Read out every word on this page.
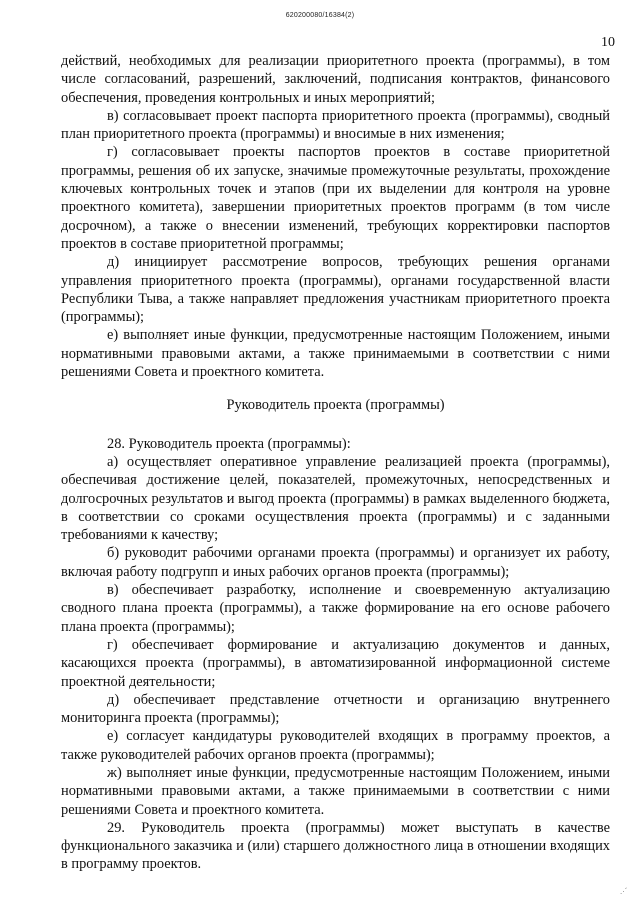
620200080/16384(2)
10

действий, необходимых для реализации приоритетного проекта (программы), в том числе согласований, разрешений, заключений, подписания контрактов, финансового обеспечения, проведения контрольных и иных мероприятий;

в) согласовывает проект паспорта приоритетного проекта (программы), сводный план приоритетного проекта (программы) и вносимые в них изменения;

г) согласовывает проекты паспортов проектов в составе приоритетной программы, решения об их запуске, значимые промежуточные результаты, прохождение ключевых контрольных точек и этапов (при их выделении для контроля на уровне проектного комитета), завершении приоритетных проектов программ (в том числе досрочном), а также о внесении изменений, требующих корректировки паспортов проектов в составе приоритетной программы;

д) инициирует рассмотрение вопросов, требующих решения органами управления приоритетного проекта (программы), органами государственной власти Республики Тыва, а также направляет предложения участникам приоритетного проекта (программы);

е) выполняет иные функции, предусмотренные настоящим Положением, иными нормативными правовыми актами, а также принимаемыми в соответствии с ними решениями Совета и проектного комитета.

Руководитель проекта (программы)

28. Руководитель проекта (программы):

а) осуществляет оперативное управление реализацией проекта (программы), обеспечивая достижение целей, показателей, промежуточных, непосредственных и долгосрочных результатов и выгод проекта (программы) в рамках выделенного бюджета, в соответствии со сроками осуществления проекта (программы) и с заданными требованиями к качеству;

б) руководит рабочими органами проекта (программы) и организует их работу, включая работу подгрупп и иных рабочих органов проекта (программы);

в) обеспечивает разработку, исполнение и своевременную актуализацию сводного плана проекта (программы), а также формирование на его основе рабочего плана проекта (программы);

г) обеспечивает формирование и актуализацию документов и данных, касающихся проекта (программы), в автоматизированной информационной системе проектной деятельности;

д) обеспечивает представление отчетности и организацию внутреннего мониторинга проекта (программы);

е) согласует кандидатуры руководителей входящих в программу проектов, а также руководителей рабочих органов проекта (программы);

ж) выполняет иные функции, предусмотренные настоящим Положением, иными нормативными правовыми актами, а также принимаемыми в соответствии с ними решениями Совета и проектного комитета.

29. Руководитель проекта (программы) может выступать в качестве функционального заказчика и (или) старшего должностного лица в отношении входящих в программу проектов.

.·´
